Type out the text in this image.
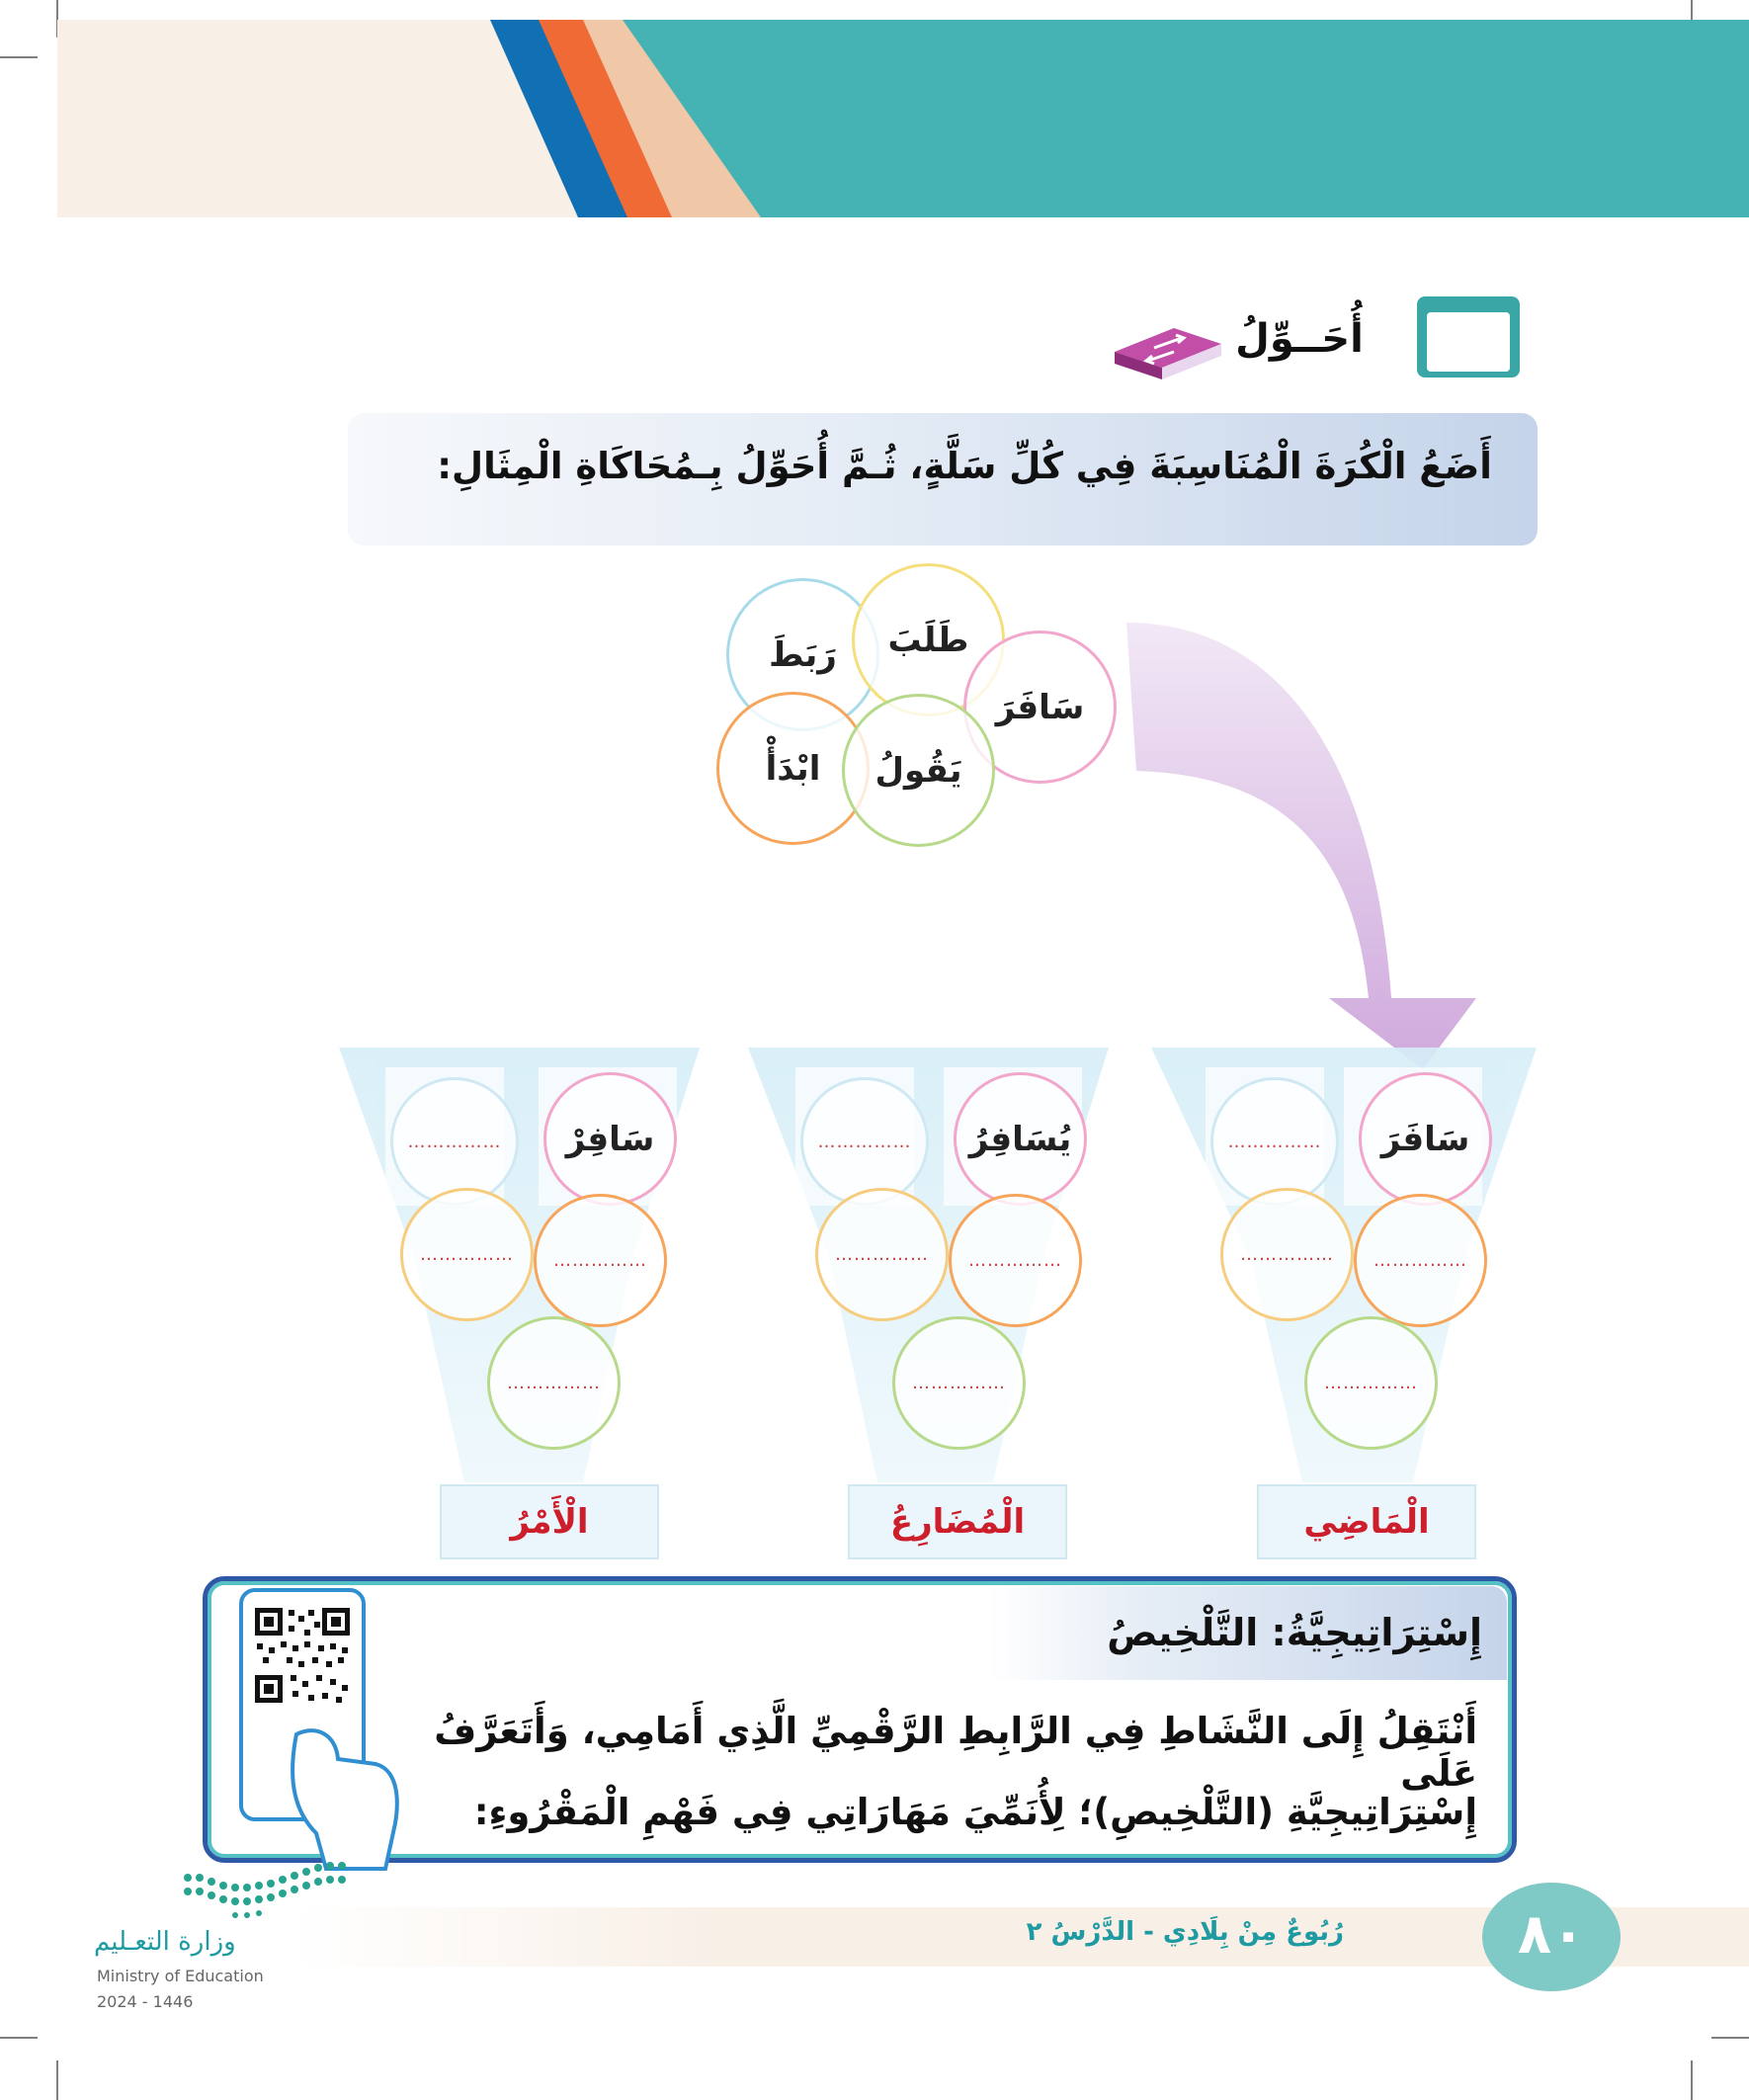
أُحَــوِّلُ
أَضَعُ الْكُرَةَ الْمُنَاسِبَةَ فِي كُلِّ سَلَّةٍ، ثُـمَّ أُحَوِّلُ بِـمُحَاكَاةِ الْمِثَالِ:
رَبَطَ	طَلَبَ
سَافَرَ
ابْدَأْ	يَقُولُ
سَافَرَ
……………
…………… ……………
……………
الْمَاضِي
يُسَافِرُ
……………
…………… ……………
……………
الْمُضَارِعُ
سَافِرْ
……………
…………… ……………
……………
الْأَمْرُ
إِسْتِرَاتِيجِيَّةُ: التَّلْخِيصُ
أَنْتَقِلُ إِلَى النَّشَاطِ فِي الرَّابِطِ الرَّقْمِيِّ الَّذِي أَمَامِي، وَأَتَعَرَّفُ عَلَى
إِسْتِرَاتِيجِيَّةِ (التَّلْخِيصِ)؛ لِأُنَمِّيَ مَهَارَاتِي فِي فَهْمِ الْمَقْرُوءِ:
٨٠
رُبُوعٌ مِنْ بِلَادِي - الدَّرْسُ ٢
وزارة التعـليم
Ministry of Education
2024 - 1446
